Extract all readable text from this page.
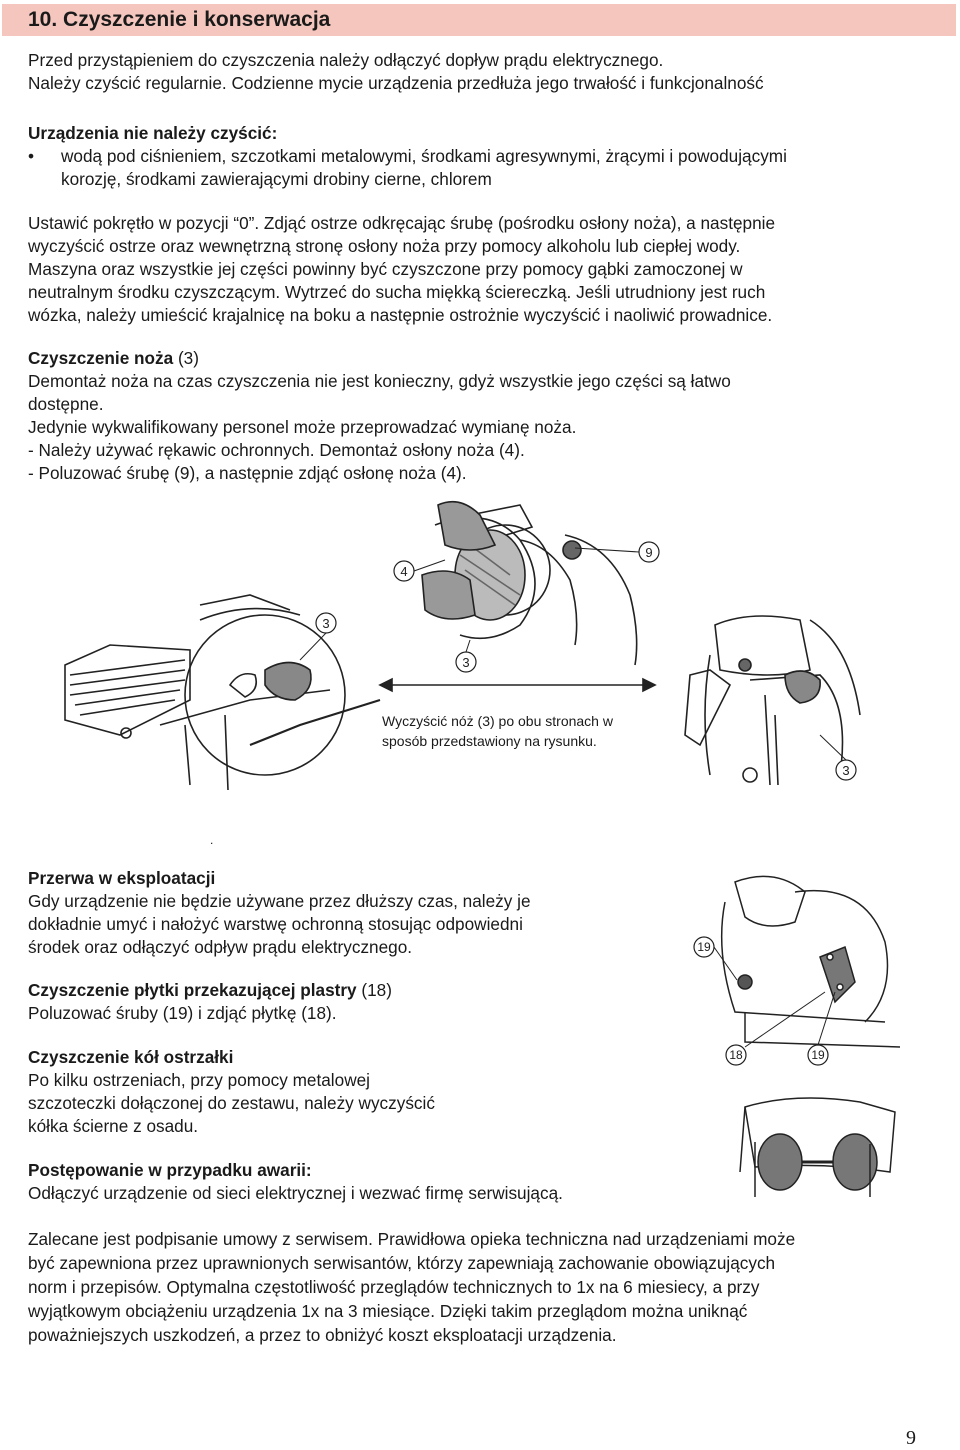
10. Czyszczenie i konserwacja

Przed przystąpieniem do czyszczenia należy odłączyć dopływ prądu elektrycznego.

Należy czyścić regularnie. Codzienne mycie urządzenia przedłuża jego trwałość i funkcjonalność

Urządzenia nie należy czyścić:

• wodą pod ciśnieniem, szczotkami metalowymi, środkami agresywnymi, żrącymi i powodującymi

korozję, środkami zawierającymi drobiny cierne, chlorem

Ustawić pokrętło w pozycji “0”. Zdjąć ostrze odkręcając śrubę (pośrodku osłony noża), a następnie

wyczyścić ostrze oraz wewnętrzną stronę osłony noża przy pomocy alkoholu lub ciepłej wody.

Maszyna oraz wszystkie jej części powinny być czyszczone przy pomocy gąbki zamoczonej w

neutralnym środku czyszczącym. Wytrzeć do sucha miękką ściereczką. Jeśli utrudniony jest ruch

wózka, należy umieścić krajalnicę na boku a następnie ostrożnie wyczyścić i naoliwić prowadnice.

Czyszczenie noża (3)

Demontaż noża na czas czyszczenia nie jest konieczny, gdyż wszystkie jego części są łatwo

dostępne.

Jedynie wykwalifikowany personel może przeprowadzać wymianę noża.

- Należy używać rękawic ochronnych. Demontaż osłony noża (4).

- Poluzować śrubę (9), a następnie zdjąć osłonę noża (4).

4
9
3
3
3
Wyczyścić nóż (3) po obu stronach w
sposób przedstawiony na rysunku.
.

Przerwa w eksploatacji

Gdy urządzenie nie będzie używane przez dłuższy czas, należy je

dokładnie umyć i nałożyć warstwę ochronną stosując odpowiedni

środek oraz odłączyć odpływ prądu elektrycznego.

Czyszczenie płytki przekazującej plastry (18)

Poluzować śruby (19) i zdjąć płytkę (18).

Czyszczenie kół ostrzałki

Po kilku ostrzeniach, przy pomocy metalowej

szczoteczki dołączonej do zestawu, należy wyczyścić

kółka ścierne z osadu.

19
18	19

Postępowanie w przypadku awarii:

Odłączyć urządzenie od sieci elektrycznej i wezwać firmę serwisującą.

Zalecane jest podpisanie umowy z serwisem. Prawidłowa opieka techniczna nad urządzeniami może

być zapewniona przez uprawnionych serwisantów, którzy zapewniają zachowanie obowiązujących

norm i przepisów. Optymalna częstotliwość przeglądów technicznych to 1x na 6 miesiecy, a przy

wyjątkowym obciążeniu urządzenia 1x na 3 miesiące. Dzięki takim przeglądom można uniknąć

poważniejszych uszkodzeń, a przez to obniżyć koszt eksploatacji urządzenia.

9
